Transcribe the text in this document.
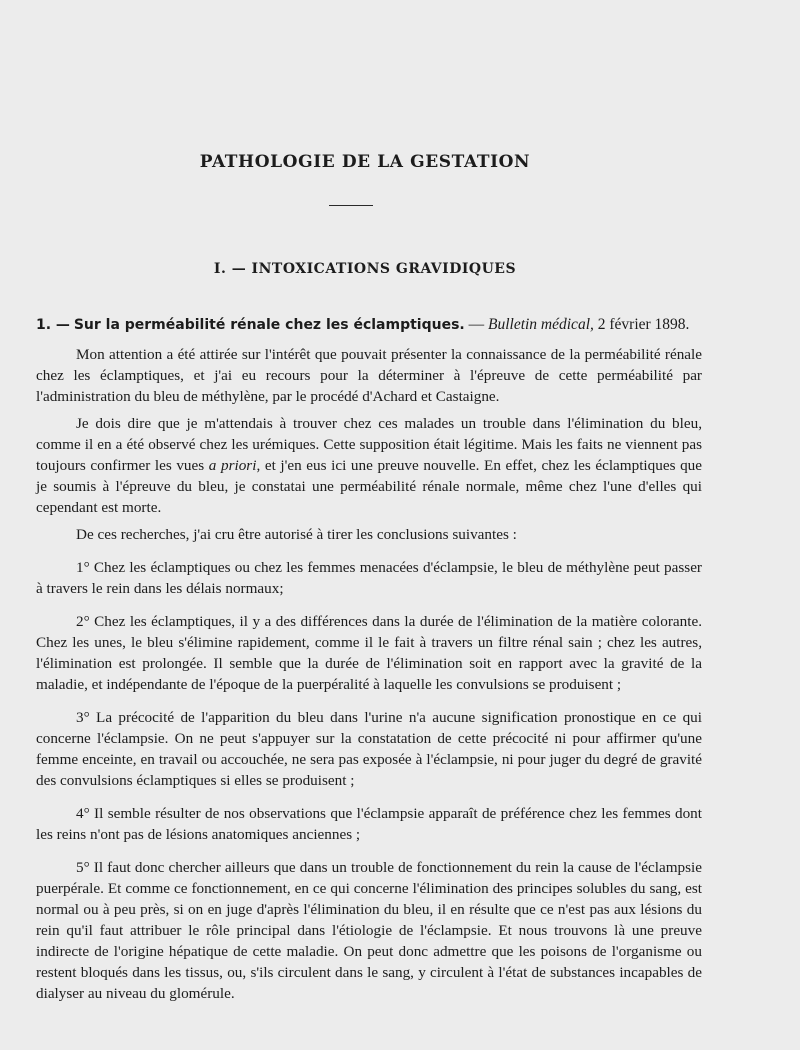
PATHOLOGIE DE LA GESTATION
I. — INTOXICATIONS GRAVIDIQUES

1. — Sur la perméabilité rénale chez les éclamptiques. — Bulletin médical, 2 février 1898.

Mon attention a été attirée sur l'intérêt que pouvait présenter la connaissance de la perméabilité rénale chez les éclamptiques, et j'ai eu recours pour la déterminer à l'épreuve de cette perméabilité par l'administration du bleu de méthylène, par le procédé d'Achard et Castaigne.

Je dois dire que je m'attendais à trouver chez ces malades un trouble dans l'élimination du bleu, comme il en a été observé chez les urémiques. Cette supposition était légitime. Mais les faits ne viennent pas toujours confirmer les vues a priori, et j'en eus ici une preuve nouvelle. En effet, chez les éclamptiques que je soumis à l'épreuve du bleu, je constatai une perméabilité rénale normale, même chez l'une d'elles qui cependant est morte.

De ces recherches, j'ai cru être autorisé à tirer les conclusions suivantes :

1° Chez les éclamptiques ou chez les femmes menacées d'éclampsie, le bleu de méthylène peut passer à travers le rein dans les délais normaux;

2° Chez les éclamptiques, il y a des différences dans la durée de l'élimination de la matière colorante. Chez les unes, le bleu s'élimine rapidement, comme il le fait à travers un filtre rénal sain ; chez les autres, l'élimination est prolongée. Il semble que la durée de l'élimination soit en rapport avec la gravité de la maladie, et indépendante de l'époque de la puerpéralité à laquelle les convulsions se produisent ;

3° La précocité de l'apparition du bleu dans l'urine n'a aucune signification pronostique en ce qui concerne l'éclampsie. On ne peut s'appuyer sur la constatation de cette précocité ni pour affirmer qu'une femme enceinte, en travail ou accouchée, ne sera pas exposée à l'éclampsie, ni pour juger du degré de gravité des convulsions éclamptiques si elles se produisent ;

4° Il semble résulter de nos observations que l'éclampsie apparaît de préférence chez les femmes dont les reins n'ont pas de lésions anatomiques anciennes ;

5° Il faut donc chercher ailleurs que dans un trouble de fonctionnement du rein la cause de l'éclampsie puerpérale. Et comme ce fonctionnement, en ce qui concerne l'élimination des principes solubles du sang, est normal ou à peu près, si on en juge d'après l'élimination du bleu, il en résulte que ce n'est pas aux lésions du rein qu'il faut attribuer le rôle principal dans l'étiologie de l'éclampsie. Et nous trouvons là une preuve indirecte de l'origine hépatique de cette maladie. On peut donc admettre que les poisons de l'organisme ou restent bloqués dans les tissus, ou, s'ils circulent dans le sang, y circulent à l'état de substances incapables de dialyser au niveau du glomérule.
